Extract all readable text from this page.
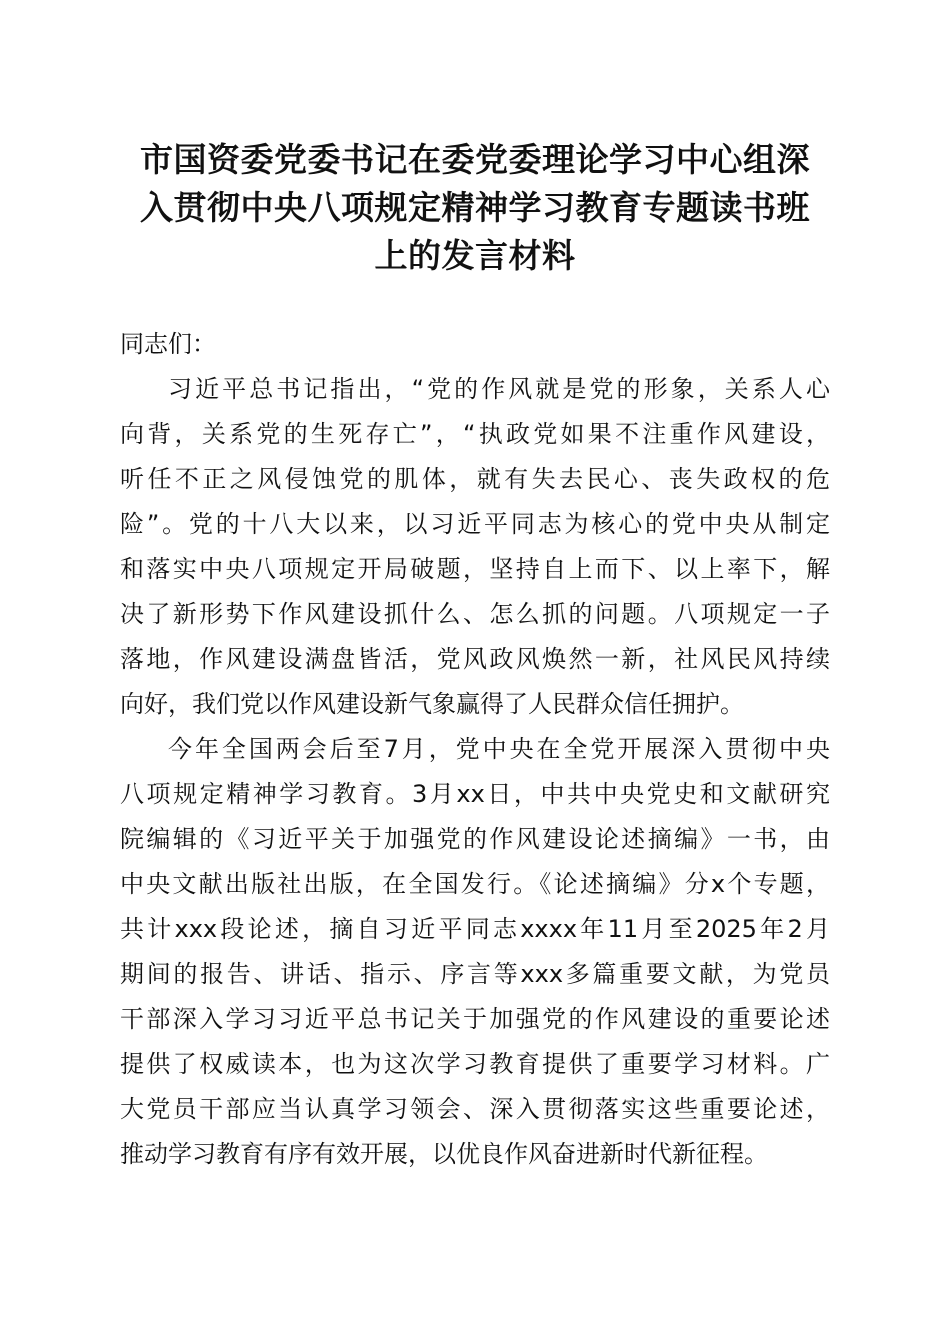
市国资委党委书记在委党委理论学习中心组深
入贯彻中央八项规定精神学习教育专题读书班
上的发言材料

同志们：

习近平总书记指出，“党的作风就是党的形象，关系人心
向背，关系党的生死存亡”，“执政党如果不注重作风建设，
听任不正之风侵蚀党的肌体，就有失去民心、丧失政权的危
险”。党的十八大以来，以习近平同志为核心的党中央从制定
和落实中央八项规定开局破题，坚持自上而下、以上率下，解
决了新形势下作风建设抓什么、怎么抓的问题。八项规定一子
落地，作风建设满盘皆活，党风政风焕然一新，社风民风持续
向好，我们党以作风建设新气象赢得了人民群众信任拥护。
今年全国两会后至7月，党中央在全党开展深入贯彻中央
八项规定精神学习教育。3月xx日，中共中央党史和文献研究
院编辑的《习近平关于加强党的作风建设论述摘编》一书，由
中央文献出版社出版，在全国发行。《论述摘编》分x个专题，
共计xxx段论述，摘自习近平同志xxxx年11月至2025年2月
期间的报告、讲话、指示、序言等xxx多篇重要文献，为党员
干部深入学习习近平总书记关于加强党的作风建设的重要论述
提供了权威读本，也为这次学习教育提供了重要学习材料。广
大党员干部应当认真学习领会、深入贯彻落实这些重要论述，
推动学习教育有序有效开展，以优良作风奋进新时代新征程。
